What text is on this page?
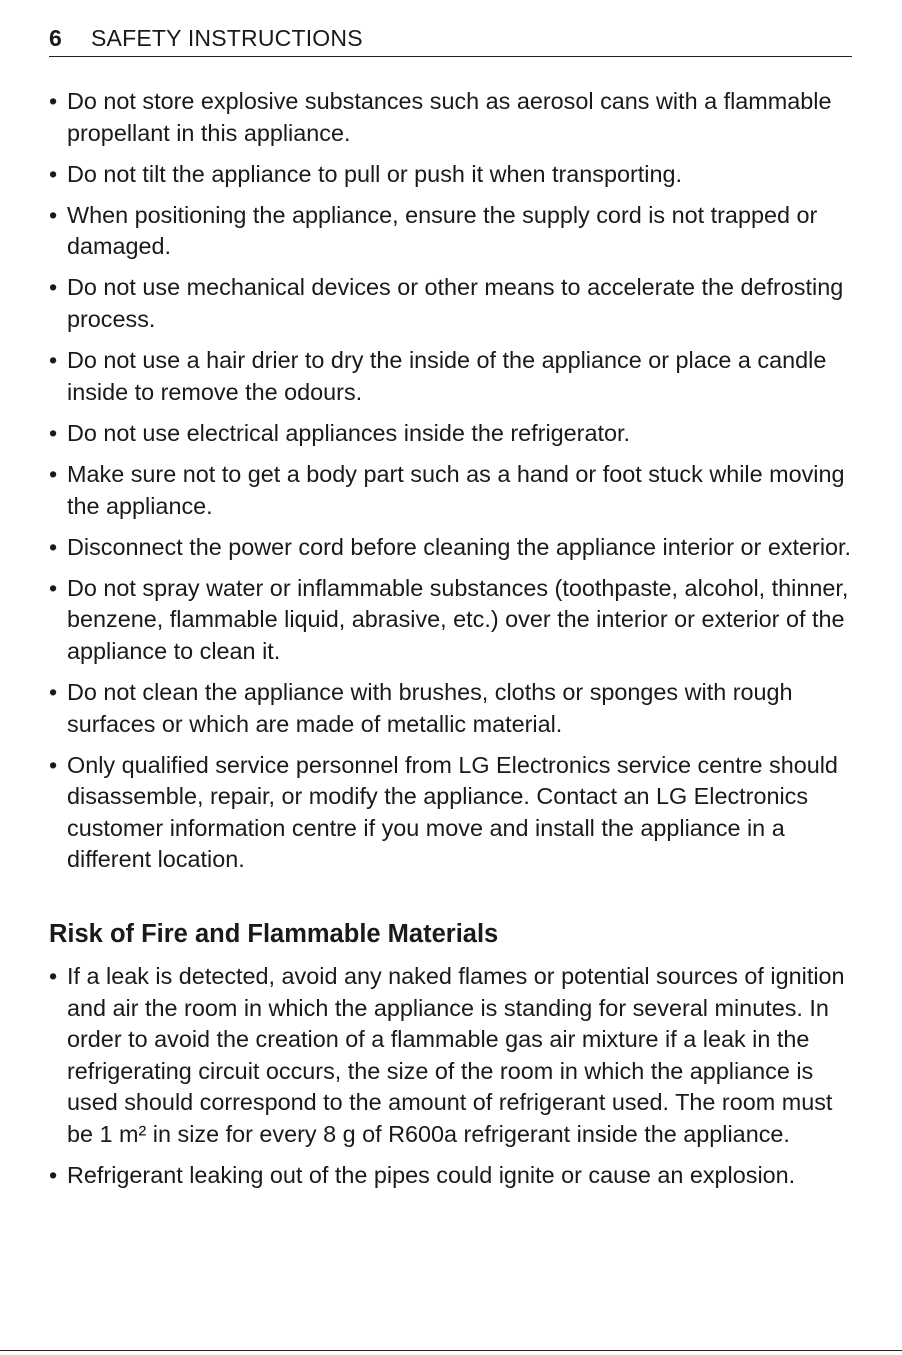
6	SAFETY INSTRUCTIONS
• Do not store explosive substances such as aerosol cans with a flammable propellant in this appliance.
• Do not tilt the appliance to pull or push it when transporting.
• When positioning the appliance, ensure the supply cord is not trapped or damaged.
• Do not use mechanical devices or other means to accelerate the defrosting process.
• Do not use a hair drier to dry the inside of the appliance or place a candle inside to remove the odours.
• Do not use electrical appliances inside the refrigerator.
• Make sure not to get a body part such as a hand or foot stuck while moving the appliance.
• Disconnect the power cord before cleaning the appliance interior or exterior.
• Do not spray water or inflammable substances (toothpaste, alcohol, thinner, benzene, flammable liquid, abrasive, etc.) over the interior or exterior of the appliance to clean it.
• Do not clean the appliance with brushes, cloths or sponges with rough surfaces or which are made of metallic material.
• Only qualified service personnel from LG Electronics service centre should disassemble, repair, or modify the appliance. Contact an LG Electronics customer information centre if you move and install the appliance in a different location.
Risk of Fire and Flammable Materials
• If a leak is detected, avoid any naked flames or potential sources of ignition and air the room in which the appliance is standing for several minutes. In order to avoid the creation of a flammable gas air mixture if a leak in the refrigerating circuit occurs, the size of the room in which the appliance is used should correspond to the amount of refrigerant used. The room must be 1 m² in size for every 8 g of R600a refrigerant inside the appliance.
• Refrigerant leaking out of the pipes could ignite or cause an explosion.
